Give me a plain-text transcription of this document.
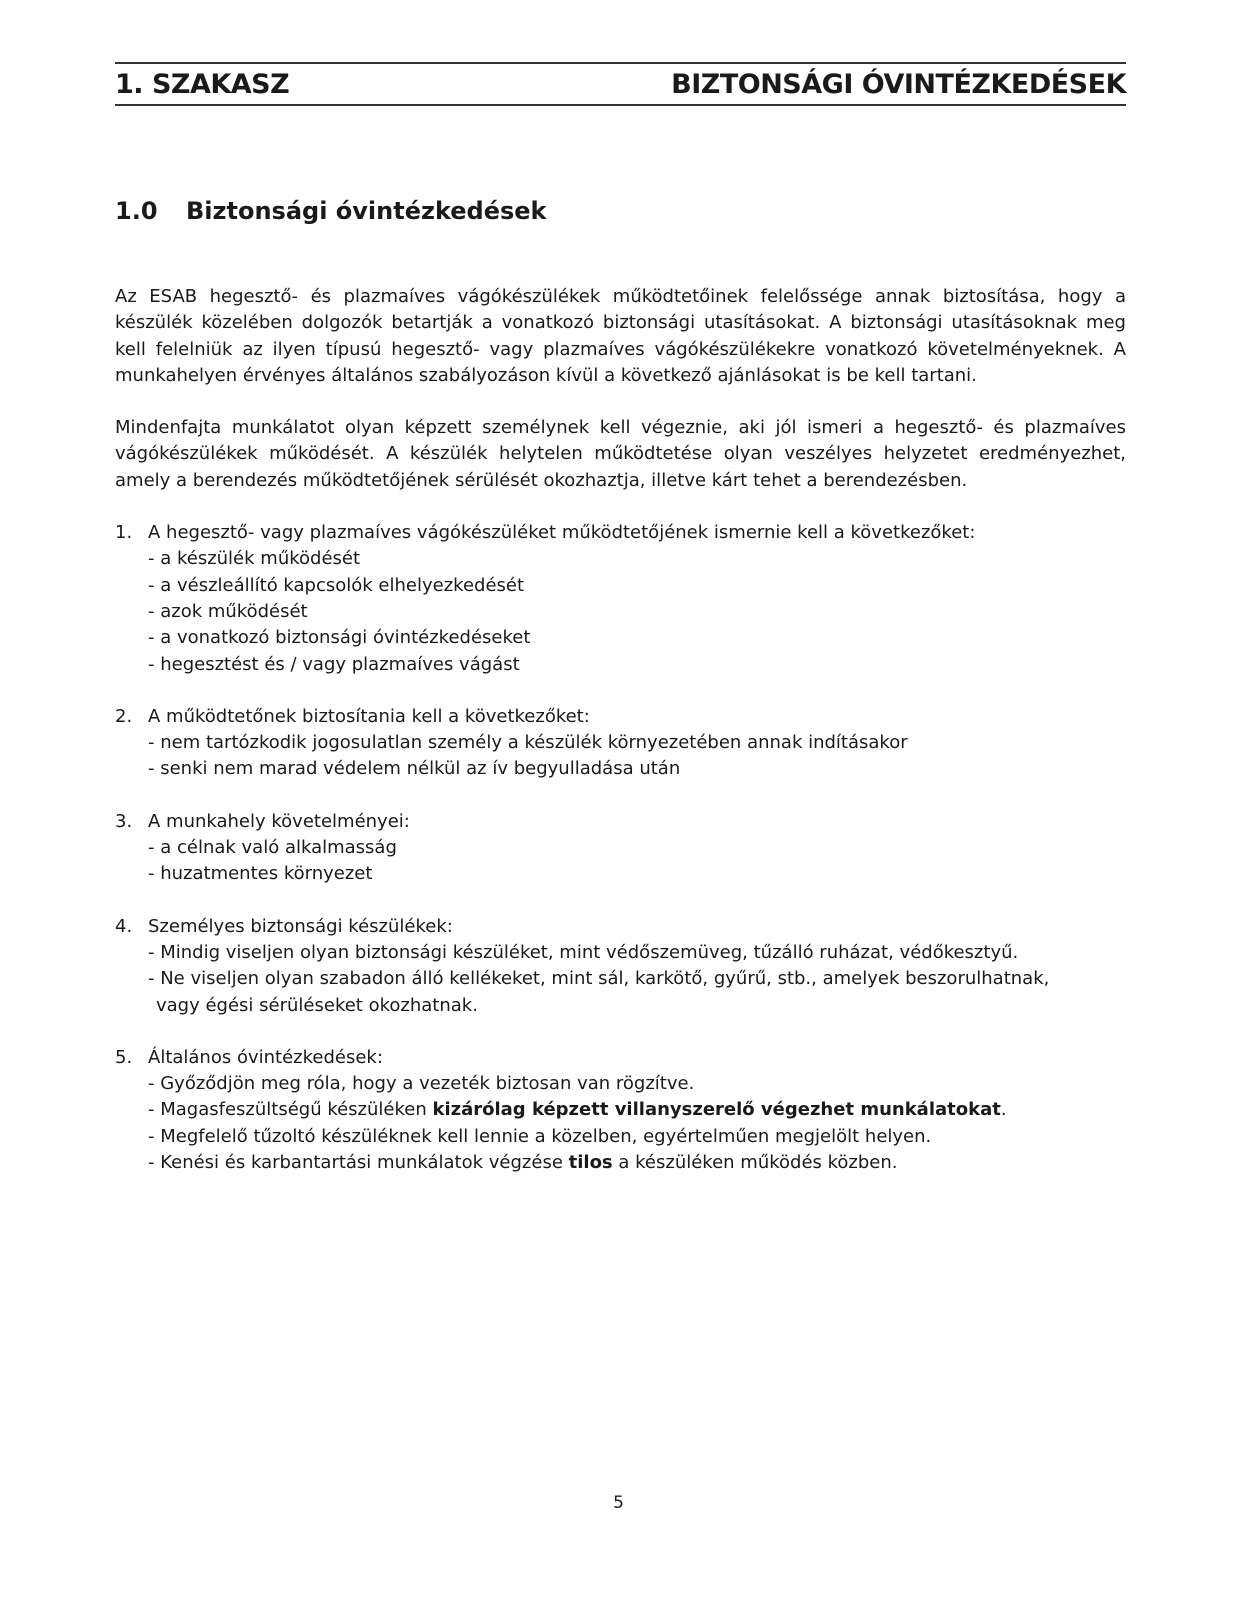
1. SZAKASZ	BIZTONSÁGI ÓVINTÉZKEDÉSEK
1.0	Biztonsági óvintézkedések

Az ESAB hegesztő- és plazmaíves vágókészülékek működtetőinek felelőssége annak biztosítása, hogy a készülék közelében dolgozók betartják a vonatkozó biztonsági utasításokat. A biztonsági utasításoknak meg kell felelniük az ilyen típusú hegesztő- vagy plazmaíves vágókészülékekre vonatkozó követelményeknek. A munkahelyen érvényes általános szabályozáson kívül a következő ajánlásokat is be kell tartani.

Mindenfajta munkálatot olyan képzett személynek kell végeznie, aki jól ismeri a hegesztő- és plazmaíves vágókészülékek működését. A készülék helytelen működtetése olyan veszélyes helyzetet eredményezhet, amely a berendezés működtetőjének sérülését okozhaztja, illetve kárt tehet a berendezésben.

1. A hegesztő- vagy plazmaíves vágókészüléket működtetőjének ismernie kell a következőket:
- a készülék működését
- a vészleállító kapcsolók elhelyezkedését
- azok működését
- a vonatkozó biztonsági óvintézkedéseket
- hegesztést és / vagy plazmaíves vágást
2. A működtetőnek biztosítania kell a következőket:
- nem tartózkodik jogosulatlan személy a készülék környezetében annak indításakor
- senki nem marad védelem nélkül az ív begyulladása után
3. A munkahely követelményei:
- a célnak való alkalmasság
- huzatmentes környezet
4. Személyes biztonsági készülékek:
- Mindig viseljen olyan biztonsági készüléket, mint védőszemüveg, tűzálló ruházat, védőkesztyű.
- Ne viseljen olyan szabadon álló kellékeket, mint sál, karkötő, gyűrű, stb., amelyek beszorulhatnak,
vagy égési sérüléseket okozhatnak.
5. Általános óvintézkedések:
- Győződjön meg róla, hogy a vezeték biztosan van rögzítve.
- Magasfeszültségű készüléken kizárólag képzett villanyszerelő végezhet munkálatokat.
- Megfelelő tűzoltó készüléknek kell lennie a közelben, egyértelműen megjelölt helyen.
- Kenési és karbantartási munkálatok végzése tilos a készüléken működés közben.
5
